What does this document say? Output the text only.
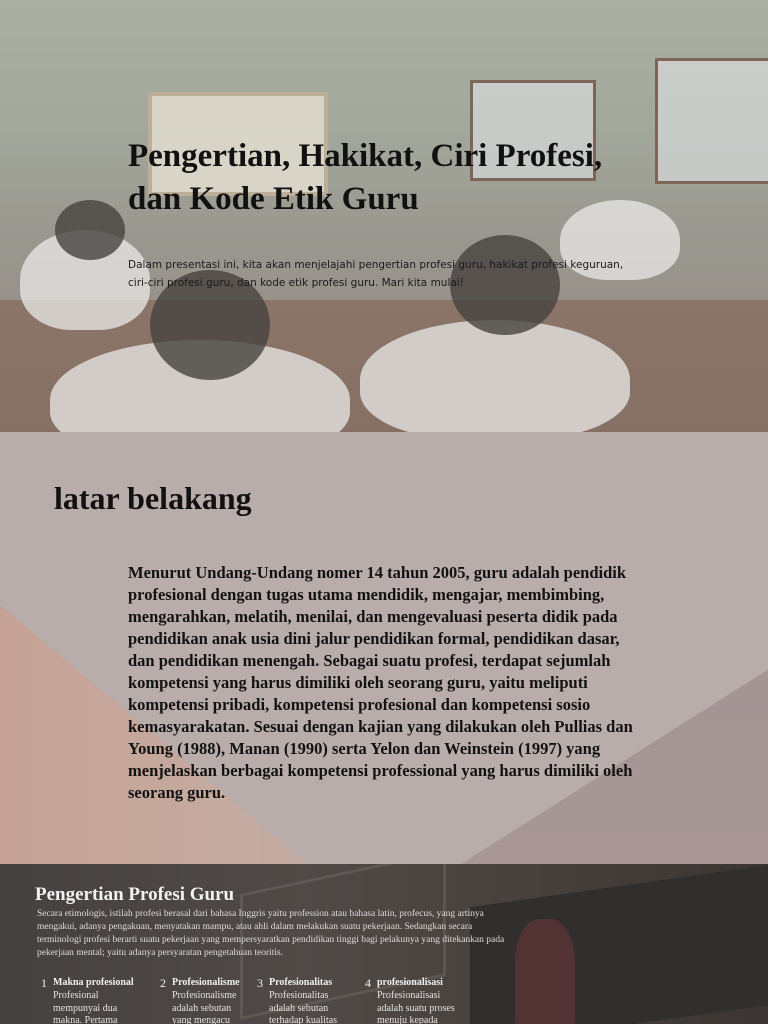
Pengertian, Hakikat, Ciri Profesi, dan Kode Etik Guru

Dalam presentasi ini, kita akan menjelajahi pengertian profesi guru, hakikat profesi keguruan, ciri-ciri profesi guru, dan kode etik profesi guru. Mari kita mulai!

latar belakang

Menurut Undang-Undang nomer 14 tahun 2005, guru adalah pendidik profesional dengan tugas utama mendidik, mengajar, membimbing, mengarahkan, melatih, menilai, dan mengevaluasi peserta didik pada pendidikan anak usia dini jalur pendidikan formal, pendidikan dasar, dan pendidikan menengah. Sebagai suatu profesi, terdapat sejumlah kompetensi yang harus dimiliki oleh seorang guru, yaitu meliputi kompetensi pribadi, kompetensi profesional dan kompetensi sosio kemasyarakatan. Sesuai dengan kajian yang dilakukan oleh Pullias dan Young (1988), Manan (1990) serta Yelon dan Weinstein (1997) yang menjelaskan berbagai kompetensi professional yang harus dimiliki oleh seorang guru.

Pengertian Profesi Guru

Secara etimologis, istilah profesi berasal dari bahasa Inggris yaitu profession atau bahasa latin, profecus, yang artinya mengakui, adanya pengakuan, menyatakan mampu, atau ahli dalam melakukan suatu pekerjaan. Sedangkan secara terminologi profesi berarti suatu pekerjaan yang mempersyaratkan pendidikan tinggi bagi pelakunya yang ditekankan pada pekerjaan mental; yaitu adanya persyaratan pengetahuan teoritis.

1 Makna profesional
Profesional mempunyai dua makna. Pertama
2 Profesionalisme
Profesionalisme adalah sebutan yang mengacu
3 Profesionalitas
Profesionalitas adalah sebutan terhadap kualitas
4 profesionalisasi
Profesionalisasi adalah suatu proses menuju kepada
